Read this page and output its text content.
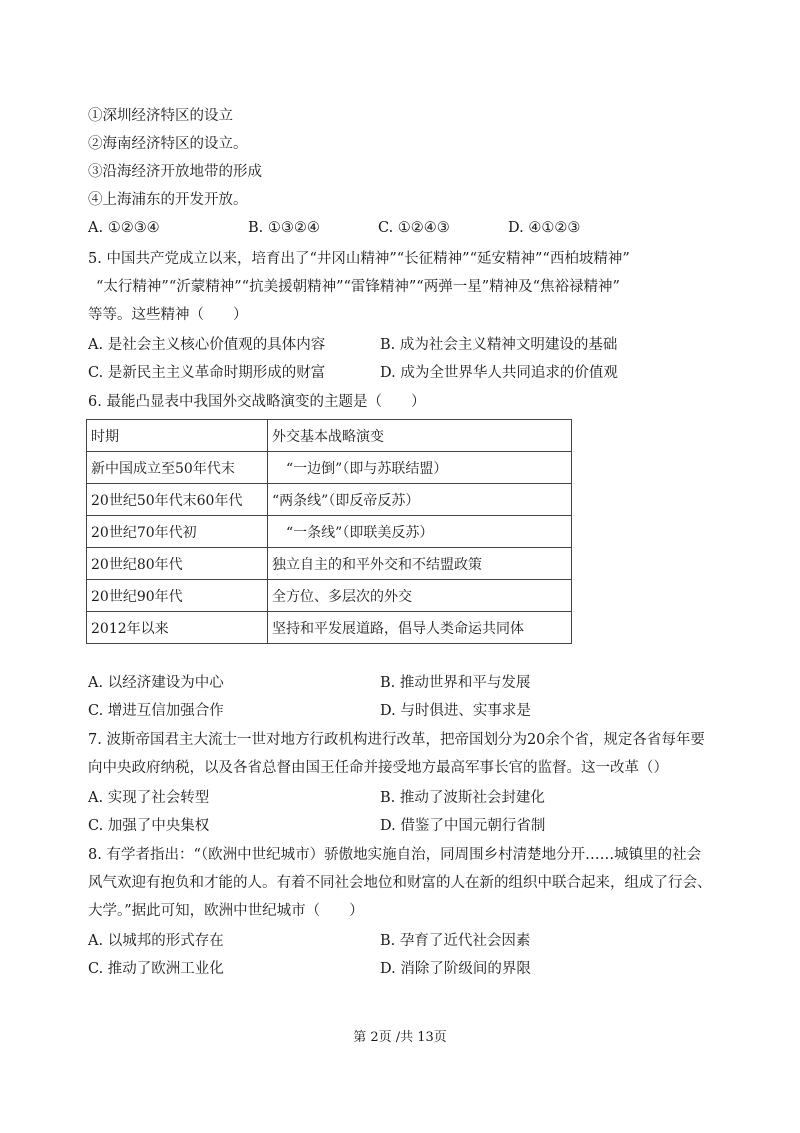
①深圳经济特区的设立
②海南经济特区的设立。
③沿海经济开放地带的形成
④上海浦东的开发开放。
A. ①②③④	B. ①③②④	C. ①②④③	D. ④①②③
5. 中国共产党成立以来，培育出了“井冈山精神”“长征精神”“延安精神”“西柏坡精神”
“太行精神”“沂蒙精神”“抗美援朝精神”“雷锋精神”“两弹一星”精神及“焦裕禄精神”
等等。这些精神（　　）
A. 是社会主义核心价值观的具体内容	B. 成为社会主义精神文明建设的基础
C. 是新民主主义革命时期形成的财富	D. 成为全世界华人共同追求的价值观
6. 最能凸显表中我国外交战略演变的主题是（　　）
时期	外交基本战略演变
新中国成立至50年代末	　“一边倒”（即与苏联结盟）
20世纪50年代末60年代	“两条线”（即反帝反苏）
20世纪70年代初	　“一条线”（即联美反苏）
20世纪80年代	独立自主的和平外交和不结盟政策
20世纪90年代	全方位、多层次的外交
2012年以来	坚持和平发展道路，倡导人类命运共同体
A. 以经济建设为中心	B. 推动世界和平与发展
C. 增进互信加强合作	D. 与时俱进、实事求是
7. 波斯帝国君主大流士一世对地方行政机构进行改革，把帝国划分为20余个省，规定各省每年要
向中央政府纳税，以及各省总督由国王任命并接受地方最高军事长官的监督。这一改革（）
A. 实现了社会转型	B. 推动了波斯社会封建化
C. 加强了中央集权	D. 借鉴了中国元朝行省制
8. 有学者指出：“（欧洲中世纪城市）骄傲地实施自治，同周围乡村清楚地分开……城镇里的社会
风气欢迎有抱负和才能的人。有着不同社会地位和财富的人在新的组织中联合起来，组成了行会、
大学。”据此可知，欧洲中世纪城市（　　）
A. 以城邦的形式存在	B. 孕育了近代社会因素
C. 推动了欧洲工业化	D. 消除了阶级间的界限
第 2页 /共 13页
